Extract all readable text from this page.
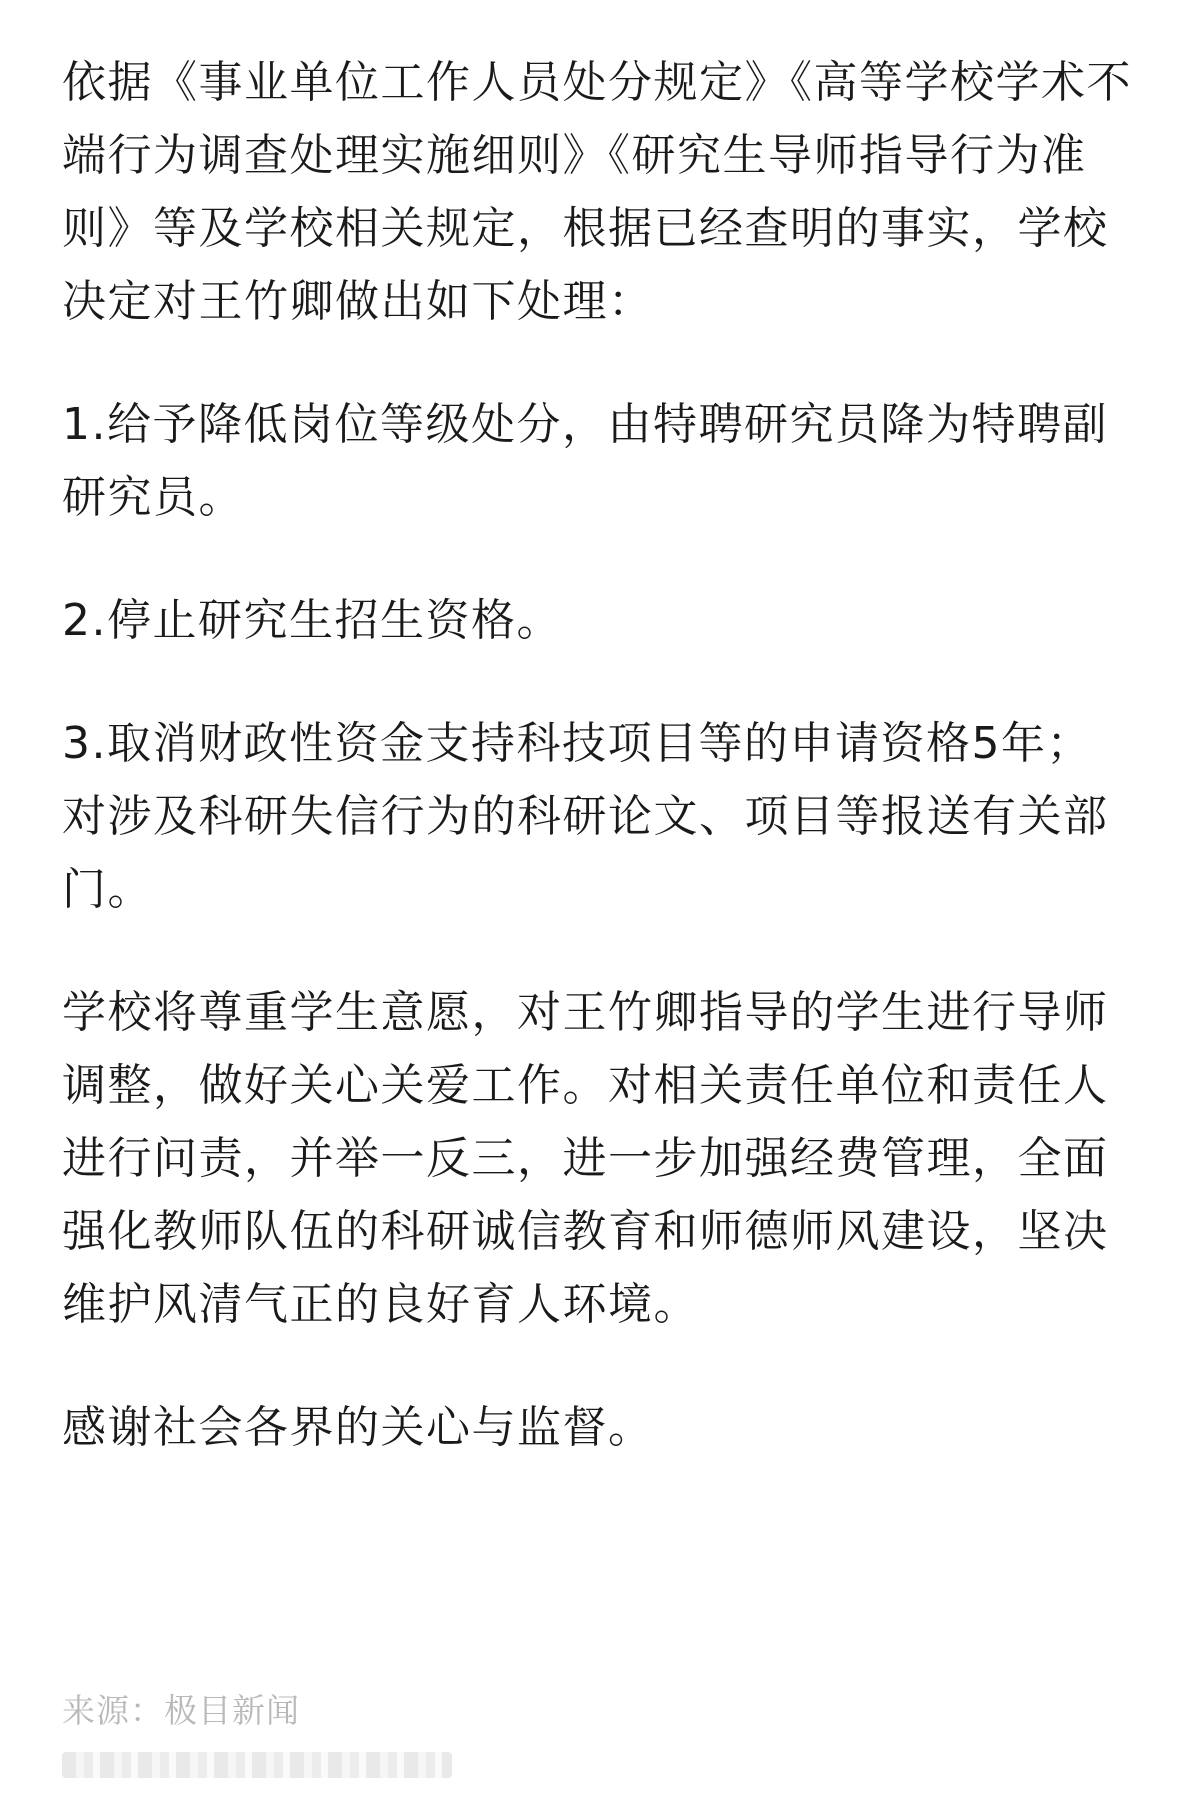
依据《事业单位工作人员处分规定》《高等学校学术不端行为调查处理实施细则》《研究生导师指导行为准则》等及学校相关规定，根据已经查明的事实，学校决定对王竹卿做出如下处理：

1.给予降低岗位等级处分，由特聘研究员降为特聘副研究员。

2.停止研究生招生资格。

3.取消财政性资金支持科技项目等的申请资格5年；对涉及科研失信行为的科研论文、项目等报送有关部门。

学校将尊重学生意愿，对王竹卿指导的学生进行导师调整，做好关心关爱工作。对相关责任单位和责任人进行问责，并举一反三，进一步加强经费管理，全面强化教师队伍的科研诚信教育和师德师风建设，坚决维护风清气正的良好育人环境。

感谢社会各界的关心与监督。

来源：极目新闻
